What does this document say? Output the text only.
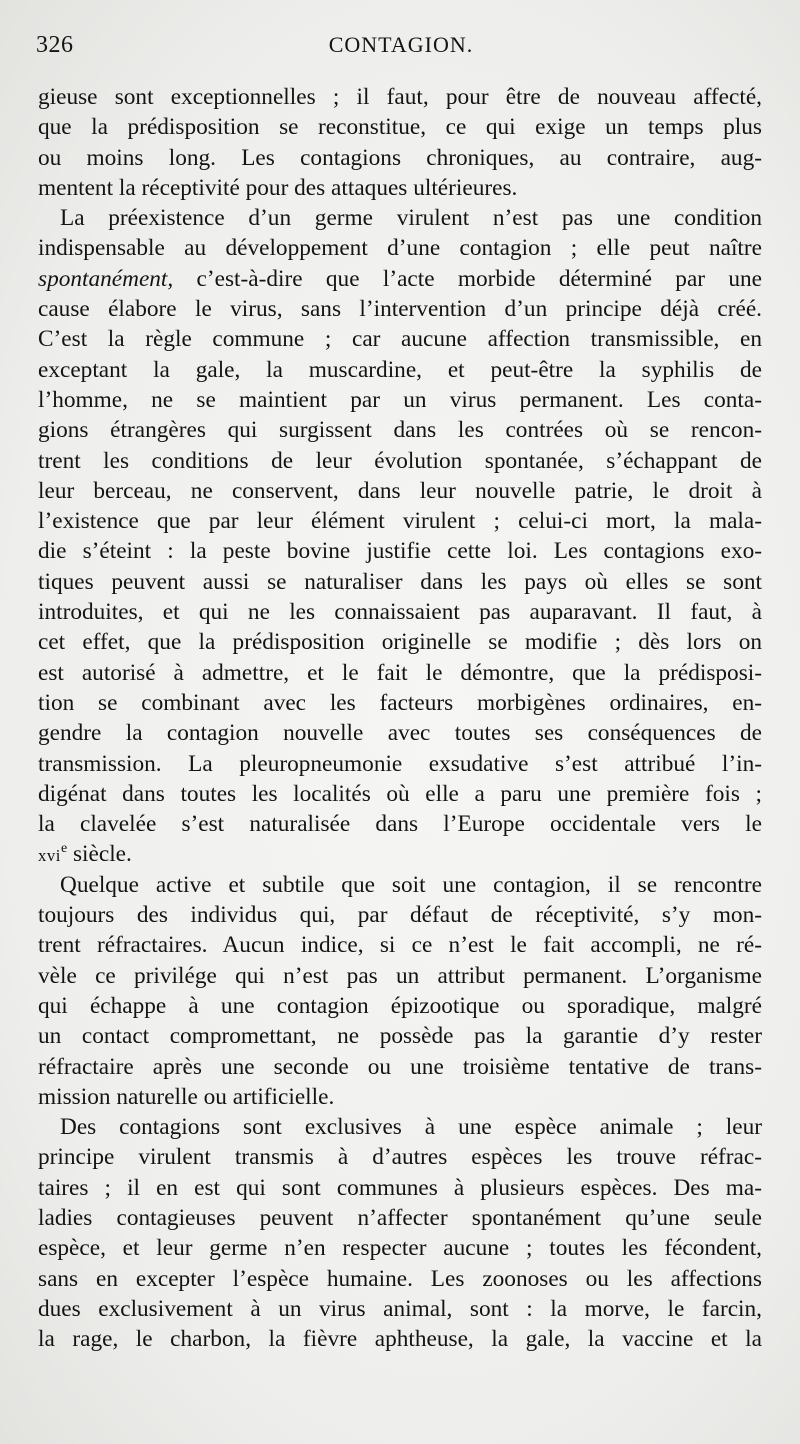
326	CONTAGION.
gieuse sont exceptionnelles ; il faut, pour être de nouveau affecté,
que la prédisposition se reconstitue, ce qui exige un temps plus
ou moins long. Les contagions chroniques, au contraire, aug-
mentent la réceptivité pour des attaques ultérieures.
La préexistence d’un germe virulent n’est pas une condition
indispensable au développement d’une contagion ; elle peut naître
spontanément, c’est-à-dire que l’acte morbide déterminé par une
cause élabore le virus, sans l’intervention d’un principe déjà créé.
C’est la règle commune ; car aucune affection transmissible, en
exceptant la gale, la muscardine, et peut-être la syphilis de
l’homme, ne se maintient par un virus permanent. Les conta-
gions étrangères qui surgissent dans les contrées où se rencon-
trent les conditions de leur évolution spontanée, s’échappant de
leur berceau, ne conservent, dans leur nouvelle patrie, le droit à
l’existence que par leur élément virulent ; celui-ci mort, la mala-
die s’éteint : la peste bovine justifie cette loi. Les contagions exo-
tiques peuvent aussi se naturaliser dans les pays où elles se sont
introduites, et qui ne les connaissaient pas auparavant. Il faut, à
cet effet, que la prédisposition originelle se modifie ; dès lors on
est autorisé à admettre, et le fait le démontre, que la prédisposi-
tion se combinant avec les facteurs morbigènes ordinaires, en-
gendre la contagion nouvelle avec toutes ses conséquences de
transmission. La pleuropneumonie exsudative s’est attribué l’in-
digénat dans toutes les localités où elle a paru une première fois ;
la clavelée s’est naturalisée dans l’Europe occidentale vers le
xvi$^e$ siècle.
Quelque active et subtile que soit une contagion, il se rencontre
toujours des individus qui, par défaut de réceptivité, s’y mon-
trent réfractaires. Aucun indice, si ce n’est le fait accompli, ne ré-
vèle ce privilége qui n’est pas un attribut permanent. L’organisme
qui échappe à une contagion épizootique ou sporadique, malgré
un contact compromettant, ne possède pas la garantie d’y rester
réfractaire après une seconde ou une troisième tentative de trans-
mission naturelle ou artificielle.
Des contagions sont exclusives à une espèce animale ; leur
principe virulent transmis à d’autres espèces les trouve réfrac-
taires ; il en est qui sont communes à plusieurs espèces. Des ma-
ladies contagieuses peuvent n’affecter spontanément qu’une seule
espèce, et leur germe n’en respecter aucune ; toutes les fécondent,
sans en excepter l’espèce humaine. Les zoonoses ou les affections
dues exclusivement à un virus animal, sont : la morve, le farcin,
la rage, le charbon, la fièvre aphtheuse, la gale, la vaccine et la
